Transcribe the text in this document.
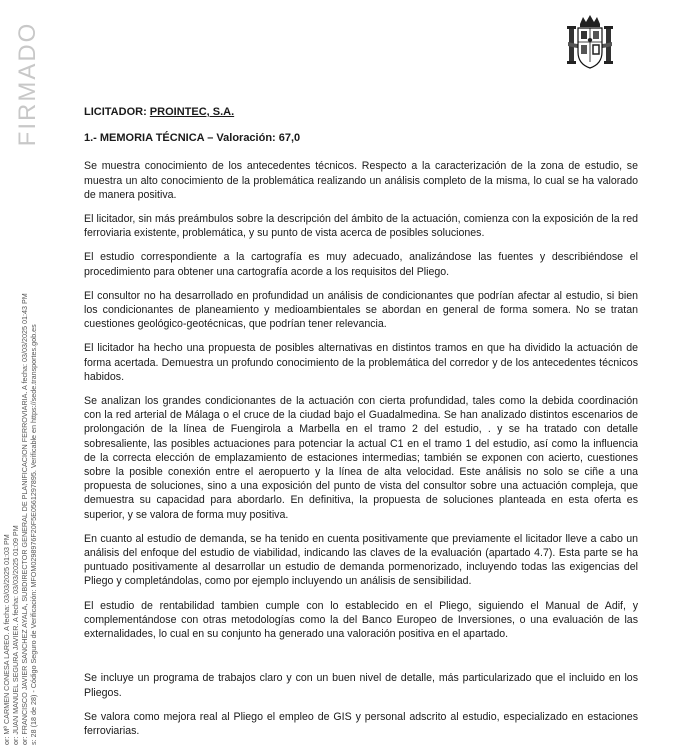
FIRMADO
or: Mª CARMEN CONESA LAREO. A fecha: 03/03/2025 01:03 PM or: JUAN MANUEL SEGURA JAVIER. A fecha: 03/03/2025 01:09 PM or: FRANCISCO JAVIER SANCHEZ AYALA, SUBDIRECTOR GENERAL DE PLANIFICACION FERROVIARIA. A fecha: 03/03/2025 01:43 PM s: 28 (18 de 28) - Código Seguro de Verificación: MFOM0298976F20F5E0561297895. Verificable en https://sede.transportes.gob.es
LICITADOR: PROINTEC, S.A.
1.- MEMORIA TÉCNICA – Valoración: 67,0

Se muestra conocimiento de los antecedentes técnicos. Respecto a la caracterización de la zona de estudio, se muestra un alto conocimiento de la problemática realizando un análisis completo de la misma, lo cual se ha valorado de manera positiva.

El licitador, sin más preámbulos sobre la descripción del ámbito de la actuación, comienza con la exposición de la red ferroviaria existente, problemática, y su punto de vista acerca de posibles soluciones.

El estudio correspondiente a la cartografía es muy adecuado, analizándose las fuentes y describiéndose el procedimiento para obtener una cartografía acorde a los requisitos del Pliego.

El consultor no ha desarrollado en profundidad un análisis de condicionantes que podrían afectar al estudio, si bien los condicionantes de planeamiento y medioambientales se abordan en general de forma somera. No se tratan cuestiones geológico-geotécnicas, que podrían tener relevancia.

El licitador ha hecho una propuesta de posibles alternativas en distintos tramos en que ha dividido la actuación de forma acertada. Demuestra un profundo conocimiento de la problemática del corredor y de los antecedentes técnicos habidos.

Se analizan los grandes condicionantes de la actuación con cierta profundidad, tales como la debida coordinación con la red arterial de Málaga o el cruce de la ciudad bajo el Guadalmedina. Se han analizado distintos escenarios de prolongación de la línea de Fuengirola a Marbella en el tramo 2 del estudio, . y se ha tratado con detalle sobresaliente, las posibles actuaciones para potenciar la actual C1 en el tramo 1 del estudio, así como la influencia de la correcta elección de emplazamiento de estaciones intermedias; también se exponen con acierto, cuestiones sobre la posible conexión entre el aeropuerto y la línea de alta velocidad. Este análisis no solo se ciñe a una propuesta de soluciones, sino a una exposición del punto de vista del consultor sobre una actuación compleja, que demuestra su capacidad para abordarlo. En definitiva, la propuesta de soluciones planteada en esta oferta es superior, y se valora de forma muy positiva.

En cuanto al estudio de demanda, se ha tenido en cuenta positivamente que previamente el licitador lleve a cabo un análisis del enfoque del estudio de viabilidad, indicando las claves de la evaluación (apartado 4.7). Esta parte se ha puntuado positivamente al desarrollar un estudio de demanda pormenorizado, incluyendo todas las exigencias del Pliego y completándolas, como por ejemplo incluyendo un análisis de sensibilidad.

El estudio de rentabilidad tambien cumple con lo establecido en el Pliego, siguiendo el Manual de Adif, y complementándose con otras metodologías como la del Banco Europeo de Inversiones, o una evaluación de las externalidades, lo cual en su conjunto ha generado una valoración positiva en el apartado.

Se incluye un programa de trabajos claro y con un buen nivel de detalle, más particularizado que el incluido en los Pliegos.

Se valora como mejora real al Pliego el empleo de GIS y personal adscrito al estudio, especializado en estaciones ferroviarias.
